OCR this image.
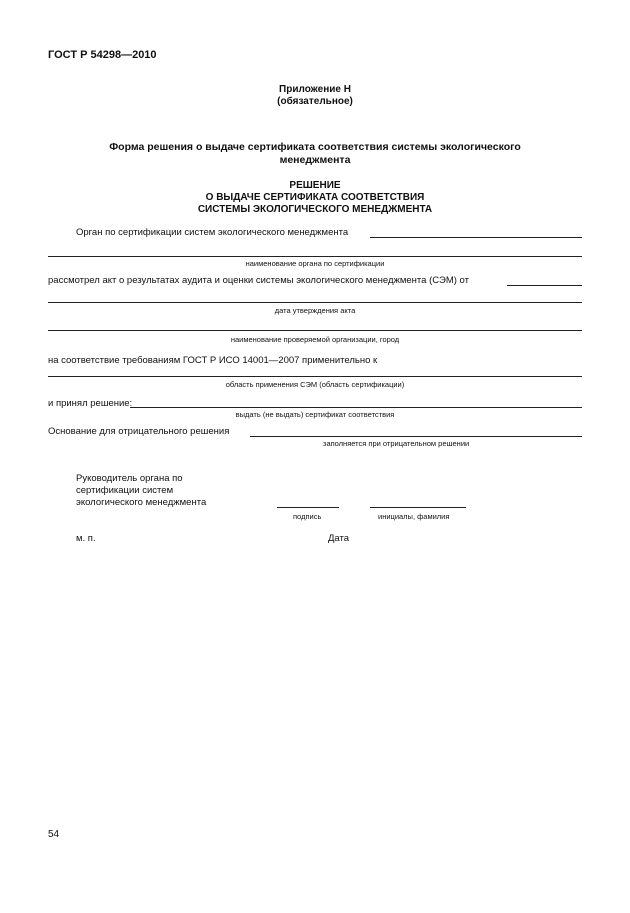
ГОСТ Р 54298—2010
Приложение Н
(обязательное)
Форма решения о выдаче сертификата соответствия системы экологического
менеджмента
РЕШЕНИЕ
О ВЫДАЧЕ СЕРТИФИКАТА СООТВЕТСТВИЯ
СИСТЕМЫ ЭКОЛОГИЧЕСКОГО МЕНЕДЖМЕНТА
Орган по сертификации систем экологического менеджмента
наименование органа по сертификации
рассмотрел акт о результатах аудита и оценки системы экологического менеджмента (СЭМ) от
дата утверждения акта
наименование проверяемой организации, город
на соответствие требованиям ГОСТ Р ИСО 14001—2007 применительно к
область применения СЭМ (область сертификации)
и принял решение:
выдать (не выдать) сертификат соответствия
Основание для отрицательного решения
заполняется при отрицательном решении
Руководитель органа по
сертификации систем
экологического менеджмента
подпись	инициалы, фамилия
м. п.	Дата
54
